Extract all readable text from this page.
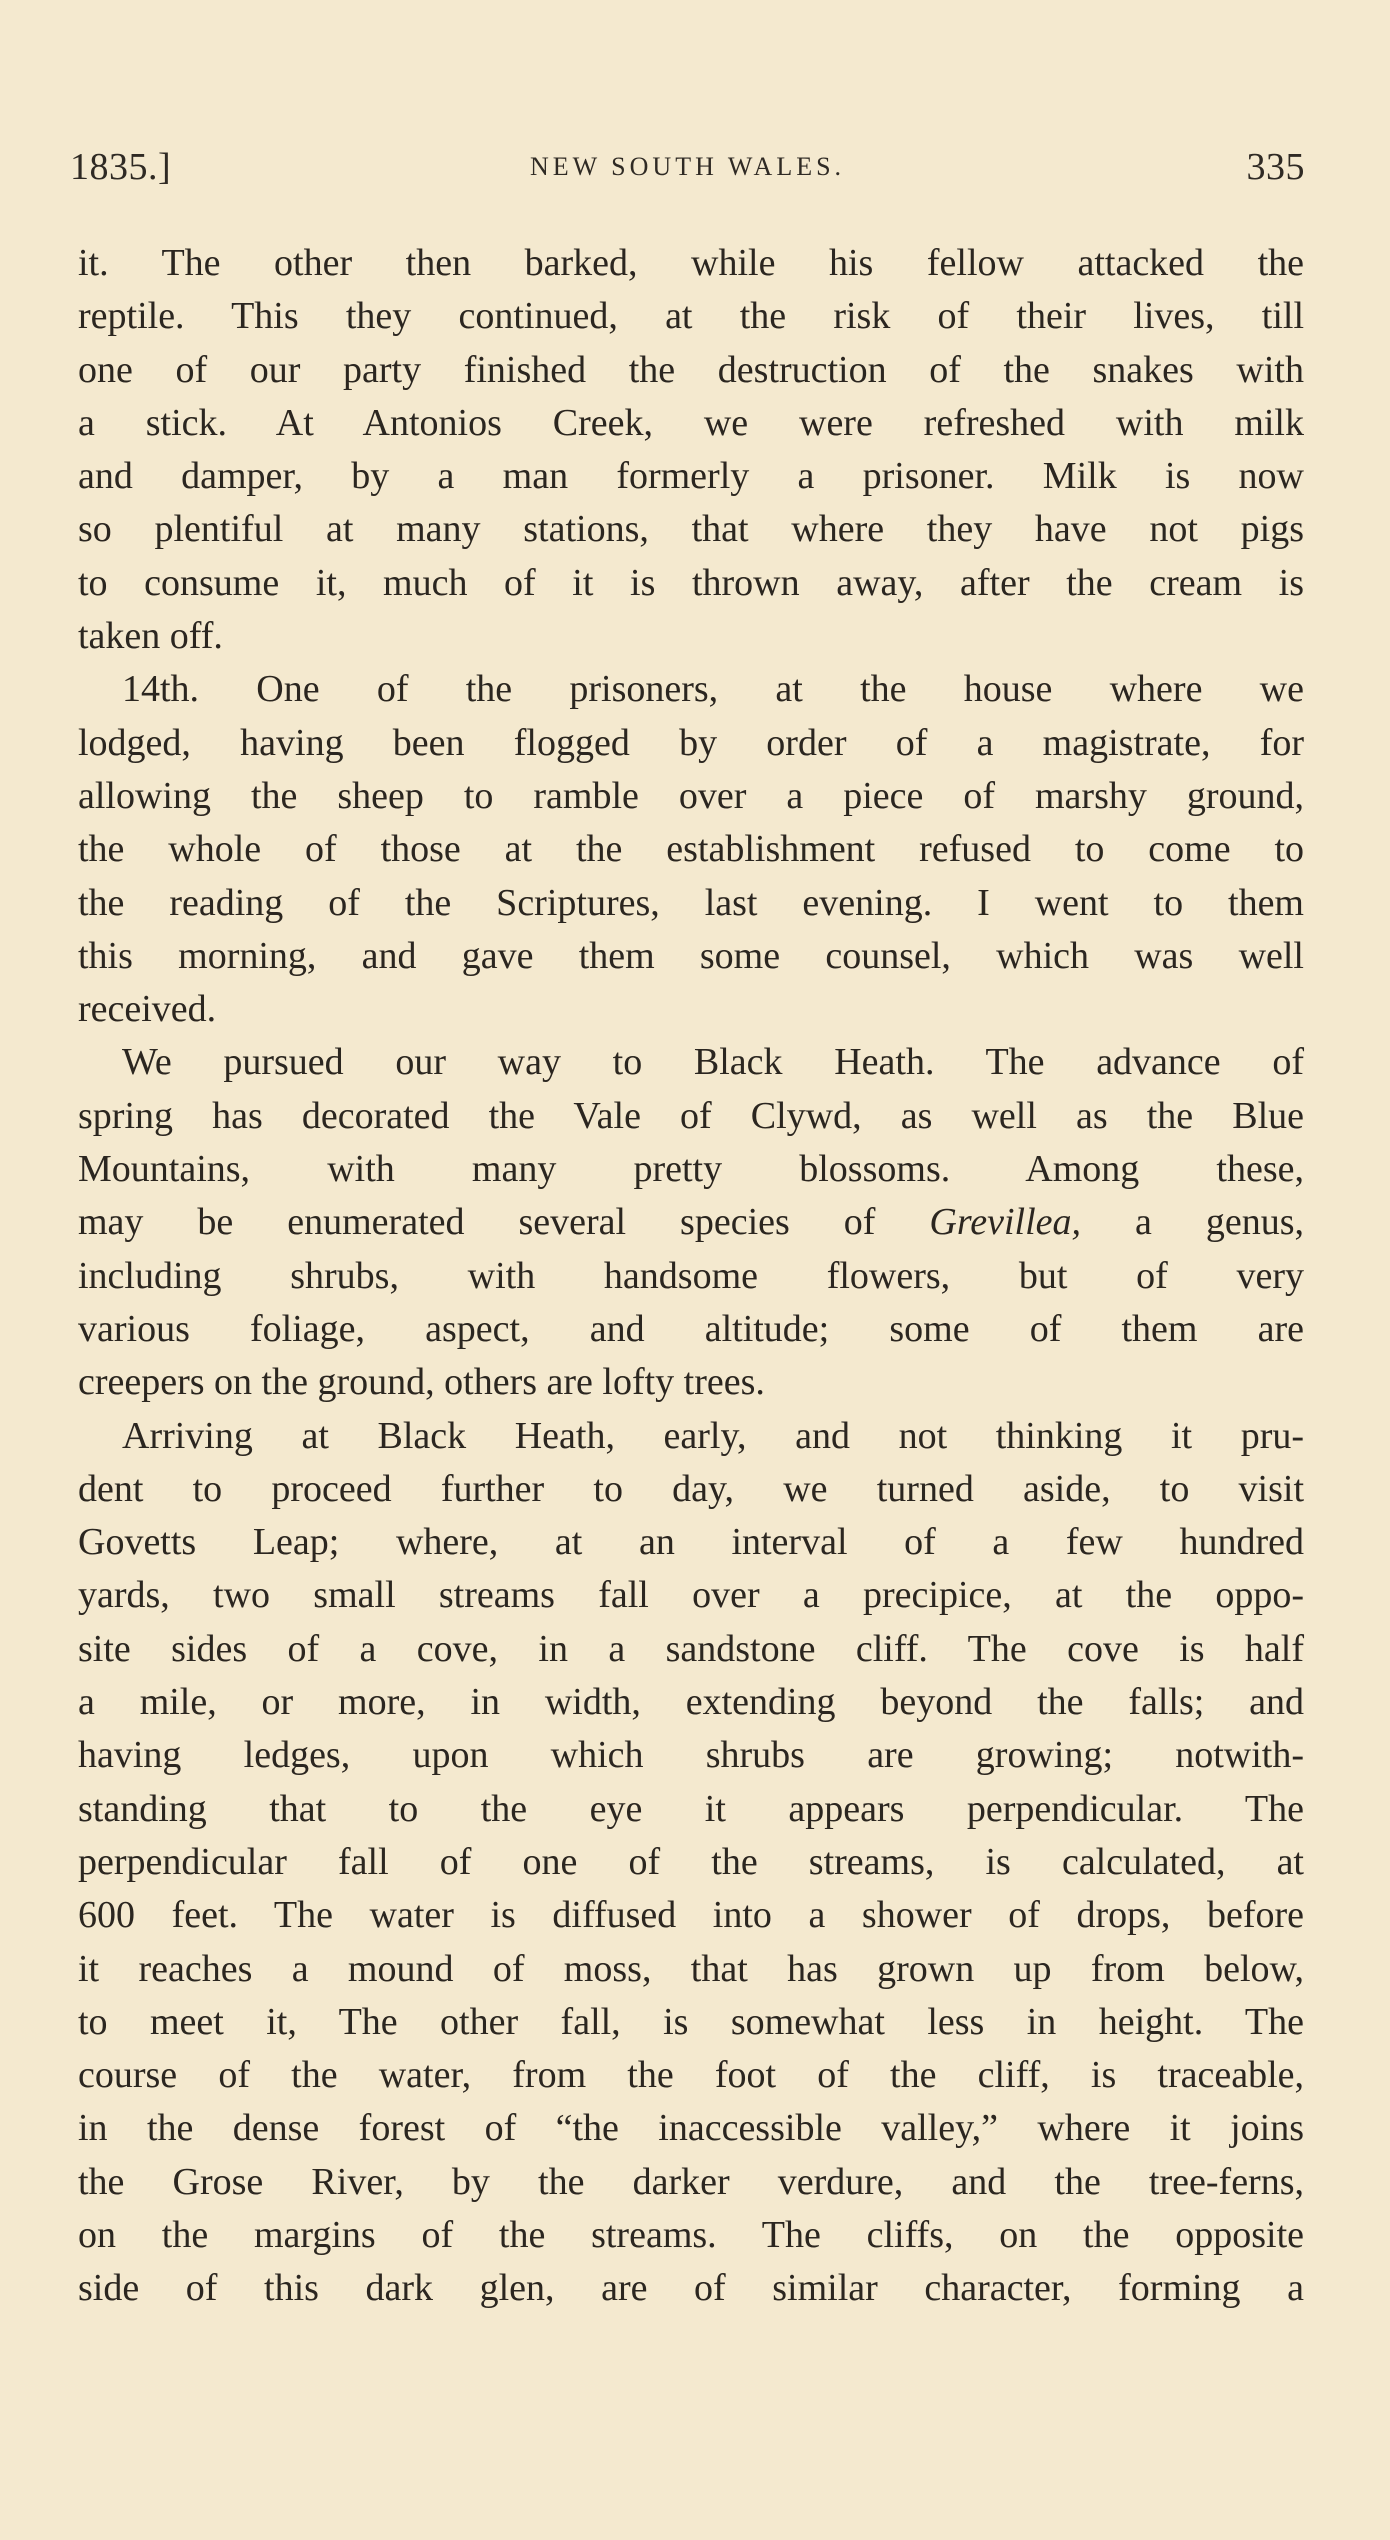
1835.]	NEW SOUTH WALES.	335

it. The other then barked, while his fellow attacked the
reptile. This they continued, at the risk of their lives, till
one of our party finished the destruction of the snakes with
a stick. At Antonios Creek, we were refreshed with milk
and damper, by a man formerly a prisoner. Milk is now
so plentiful at many stations, that where they have not pigs
to consume it, much of it is thrown away, after the cream is
taken off.

14th. One of the prisoners, at the house where we
lodged, having been flogged by order of a magistrate, for
allowing the sheep to ramble over a piece of marshy ground,
the whole of those at the establishment refused to come to
the reading of the Scriptures, last evening. I went to them
this morning, and gave them some counsel, which was well
received.

We pursued our way to Black Heath. The advance of
spring has decorated the Vale of Clywd, as well as the Blue
Mountains, with many pretty blossoms. Among these,
may be enumerated several species of Grevillea, a genus,
including shrubs, with handsome flowers, but of very
various foliage, aspect, and altitude; some of them are
creepers on the ground, others are lofty trees.

Arriving at Black Heath, early, and not thinking it pru-
dent to proceed further to day, we turned aside, to visit
Govetts Leap; where, at an interval of a few hundred
yards, two small streams fall over a precipice, at the oppo-
site sides of a cove, in a sandstone cliff. The cove is half
a mile, or more, in width, extending beyond the falls; and
having ledges, upon which shrubs are growing; notwith-
standing that to the eye it appears perpendicular. The
perpendicular fall of one of the streams, is calculated, at
600 feet. The water is diffused into a shower of drops, before
it reaches a mound of moss, that has grown up from below,
to meet it, The other fall, is somewhat less in height. The
course of the water, from the foot of the cliff, is traceable,
in the dense forest of “the inaccessible valley,” where it joins
the Grose River, by the darker verdure, and the tree-ferns,
on the margins of the streams. The cliffs, on the opposite
side of this dark glen, are of similar character, forming a
